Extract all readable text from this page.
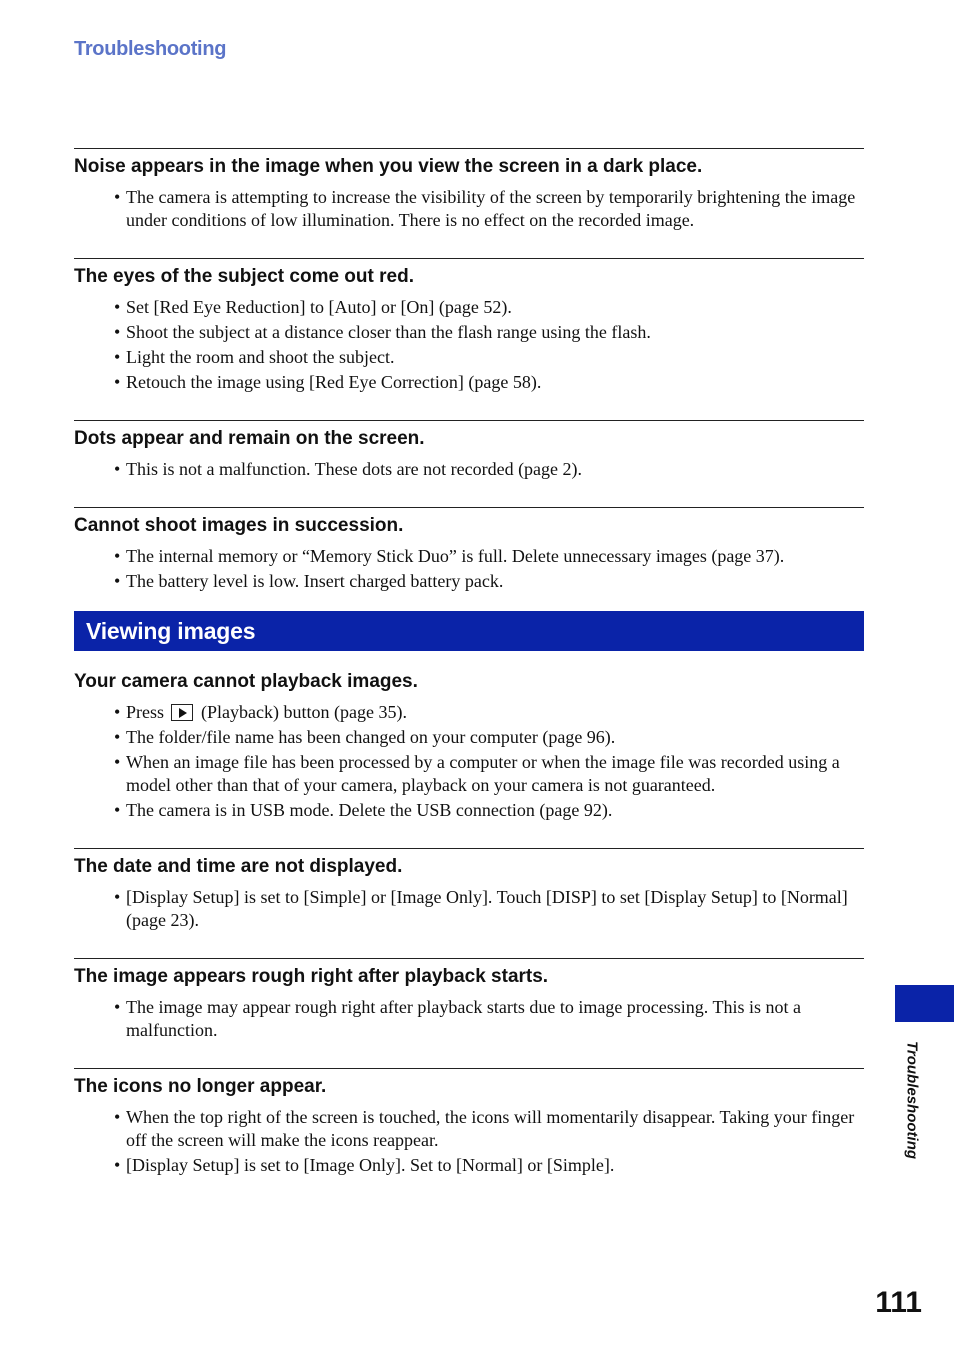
Troubleshooting
Noise appears in the image when you view the screen in a dark place.
• The camera is attempting to increase the visibility of the screen by temporarily brightening the image under conditions of low illumination. There is no effect on the recorded image.
The eyes of the subject come out red.
• Set [Red Eye Reduction] to [Auto] or [On] (page 52).
• Shoot the subject at a distance closer than the flash range using the flash.
• Light the room and shoot the subject.
• Retouch the image using [Red Eye Correction] (page 58).
Dots appear and remain on the screen.
• This is not a malfunction. These dots are not recorded (page 2).
Cannot shoot images in succession.
• The internal memory or “Memory Stick Duo” is full. Delete unnecessary images (page 37).
• The battery level is low. Insert charged battery pack.
Viewing images
Your camera cannot playback images.
• Press (Playback) button (page 35).
• The folder/file name has been changed on your computer (page 96).
• When an image file has been processed by a computer or when the image file was recorded using a model other than that of your camera, playback on your camera is not guaranteed.
• The camera is in USB mode. Delete the USB connection (page 92).
The date and time are not displayed.
• [Display Setup] is set to [Simple] or [Image Only]. Touch [DISP] to set [Display Setup] to [Normal] (page 23).
The image appears rough right after playback starts.
• The image may appear rough right after playback starts due to image processing. This is not a malfunction.
The icons no longer appear.
• When the top right of the screen is touched, the icons will momentarily disappear. Taking your finger off the screen will make the icons reappear.
• [Display Setup] is set to [Image Only]. Set to [Normal] or [Simple].
Troubleshooting
111
